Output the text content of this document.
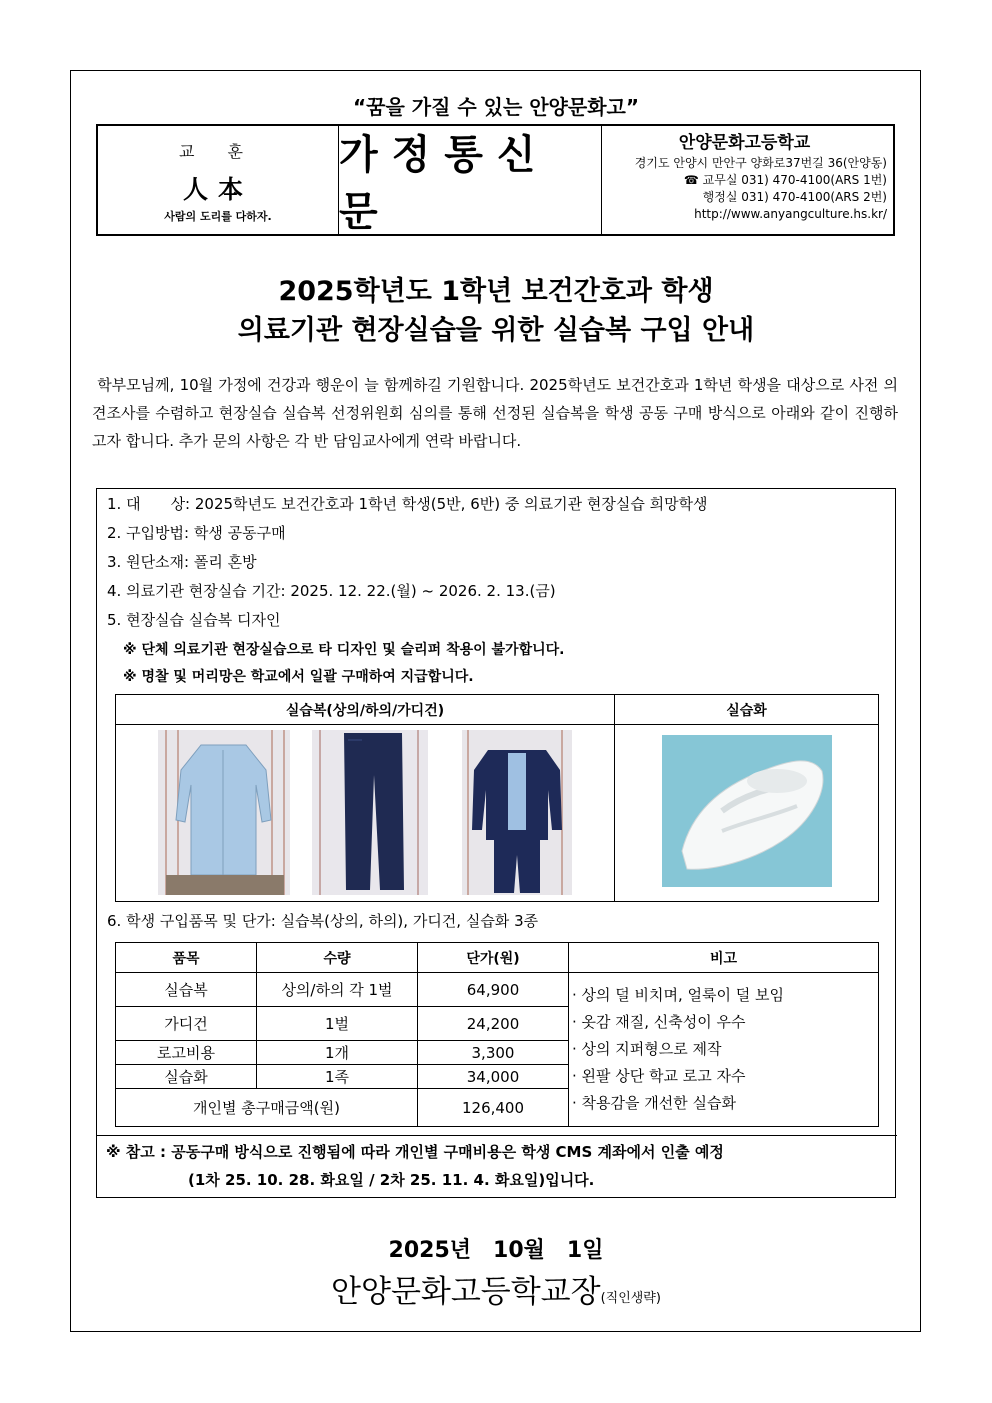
“꿈을 가질 수 있는 안양문화고”
교 훈
人本
사람의 도리를 다하자.
가정통신문
안양문화고등학교
경기도 안양시 만안구 양화로37번길 36(안양동)
☎ 교무실 031) 470-4100(ARS 1번)
행정실 031) 470-4100(ARS 2번)
http://www.anyangculture.hs.kr/
2025학년도 1학년 보건간호과 학생
의료기관 현장실습을 위한 실습복 구입 안내
학부모님께, 10월 가정에 건강과 행운이 늘 함께하길 기원합니다. 2025학년도 보건간호과 1학년 학생을 대상으로 사전 의견조사를 수렴하고 현장실습 실습복 선정위원회 심의를 통해 선정된 실습복을 학생 공동 구매 방식으로 아래와 같이 진행하고자 합니다. 추가 문의 사항은 각 반 담임교사에게 연락 바랍니다.
1. 대　　상: 2025학년도 보건간호과 1학년 학생(5반, 6반) 중 의료기관 현장실습 희망학생
2. 구입방법: 학생 공동구매
3. 원단소재: 폴리 혼방
4. 의료기관 현장실습 기간: 2025. 12. 22.(월) ~ 2026. 2. 13.(금)
5. 현장실습 실습복 디자인
※ 단체 의료기관 현장실습으로 타 디자인 및 슬리퍼 착용이 불가합니다.
※ 명찰 및 머리망은 학교에서 일괄 구매하여 지급합니다.
실습복(상의/하의/가디건)	실습화

6. 학생 구입품목 및 단가: 실습복(상의, 하의), 가디건, 실습화 3종
품목	수량	단가(원)	비고
실습복	상의/하의 각 1벌	64,900	
가디건	1벌	24,200	
로고비용	1개	3,300	
실습화	1족	34,000	
개인별 총구매금액(원)		126,400	
· 상의 덜 비치며, 얼룩이 덜 보임
· 옷감 재질, 신축성이 우수
· 상의 지퍼형으로 제작
· 왼팔 상단 학교 로고 자수
· 착용감을 개선한 실습화
※ 참고 : 공동구매 방식으로 진행됨에 따라 개인별 구매비용은 학생 CMS 계좌에서 인출 예정
(1차 25. 10. 28. 화요일 / 2차 25. 11. 4. 화요일)입니다.
2025년　10월　1일
안양문화고등학교장(직인생략)
